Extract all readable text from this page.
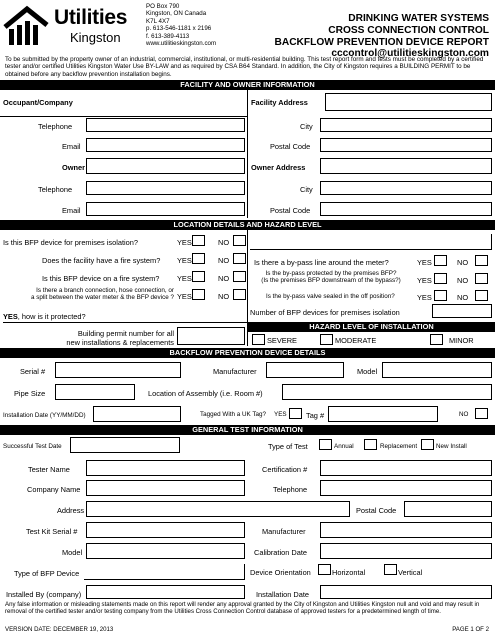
Utilities
Kingston
PO Box 790
Kingston, ON Canada
K7L 4X7
p. 613-546-1181 x 2196
f. 613-389-4113
www.utilitieskingston.com
DRINKING WATER SYSTEMS
CROSS CONNECTION CONTROL
BACKFLOW PREVENTION DEVICE REPORT
cccontrol@utilitieskingston.com
To be submitted by the property owner of an industrial, commercial, institutional, or multi-residential building. This test report form and tests must be completed by a certified tester and/or certified Utilities Kingston Water Use BY-LAW and as required by CSA B64 Standard. In addition, the City of Kingston requires a BUILDING PERMIT to be obtained before any backflow prevention installation begins.
FACILITY AND OWNER INFORMATION
Occupant/Company	Facility Address
Telephone	City
Email	Postal Code
Owner	Owner Address
Telephone	City
Email	Postal Code
LOCATION DETAILS AND HAZARD LEVEL
Is this BFP device for premises isolation?	YES	NO
Does the facility have a fire system? YES	NO
Is this BFP device on a fire system? YES	NO
Is there a branch connection, hose connection, or
a split between the water meter & the BFP device ? YES	NO
YES, how is it protected?
Building permit number for all
new installations & replacements
Is there a by-pass line around the meter?	YES	NO
Is the by-pass protected by the premises BFP?
(Is the premises BFP downstream of the bypass?)	YES	NO
Is the by-pass valve sealed in the off position?	YES	NO
Number of BFP devices for premises isolation
HAZARD LEVEL OF INSTALLATION
SEVERE	MODERATE	MINOR
BACKFLOW PREVENTION DEVICE DETAILS
Serial #	Manufacturer	Model
Pipe Size	Location of Assembly (i.e. Room #)
Installation Date (YY/MM/DD)	Tagged With a UK Tag? YES	Tag #	NO
GENERAL TEST INFORMATION
Successful Test Date	Type of Test	Annual	Replacement	New Install
Tester Name	Certification #
Company Name	Telephone
Address	Postal Code
Test Kit Serial #	Manufacturer
Model	Calibration Date
Type of BFP Device	Device Orientation	Horizontal	Vertical
Installed By (company)	Installation Date
Any false information or misleading statements made on this report will render any approval granted by the City of Kingston and Utilities Kingston null and void and may result in removal of the certified tester and/or testing company from the Utilities Cross Connection Control database of approved testers for a predetermined length of time.
VERSION DATE: DECEMBER 19, 2013	PAGE 1 OF 2
